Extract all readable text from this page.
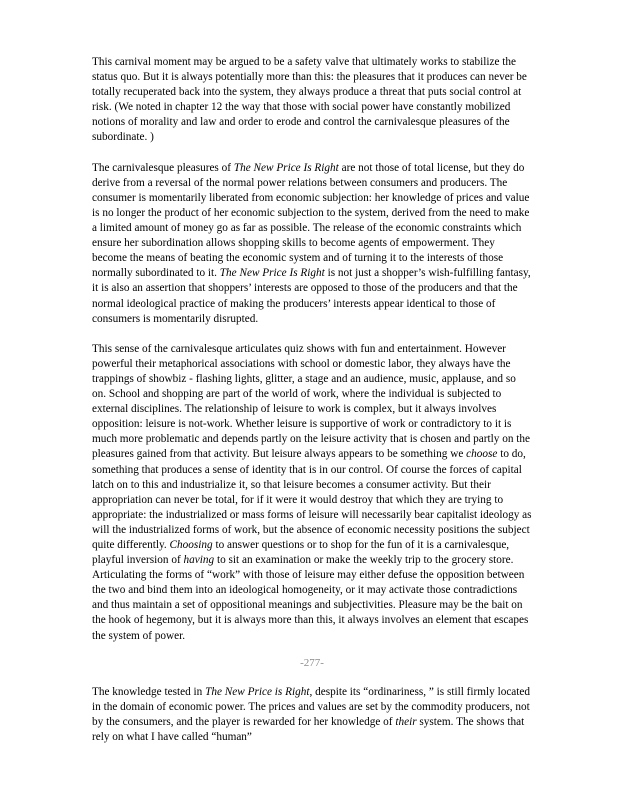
This carnival moment may be argued to be a safety valve that ultimately works to stabilize the status quo. But it is always potentially more than this: the pleasures that it produces can never be totally recuperated back into the system, they always produce a threat that puts social control at risk. (We noted in chapter 12 the way that those with social power have constantly mobilized notions of morality and law and order to erode and control the carnivalesque pleasures of the subordinate. )

The carnivalesque pleasures of The New Price Is Right are not those of total license, but they do derive from a reversal of the normal power relations between consumers and producers. The consumer is momentarily liberated from economic subjection: her knowledge of prices and value is no longer the product of her economic subjection to the system, derived from the need to make a limited amount of money go as far as possible. The release of the economic constraints which ensure her subordination allows shopping skills to become agents of empowerment. They become the means of beating the economic system and of turning it to the interests of those normally subordinated to it. The New Price Is Right is not just a shopper’s wish-fulfilling fantasy, it is also an assertion that shoppers’ interests are opposed to those of the producers and that the normal ideological practice of making the producers’ interests appear identical to those of consumers is momentarily disrupted.

This sense of the carnivalesque articulates quiz shows with fun and entertainment. However powerful their metaphorical associations with school or domestic labor, they always have the trappings of showbiz - flashing lights, glitter, a stage and an audience, music, applause, and so on. School and shopping are part of the world of work, where the individual is subjected to external disciplines. The relationship of leisure to work is complex, but it always involves opposition: leisure is not-work. Whether leisure is supportive of work or contradictory to it is much more problematic and depends partly on the leisure activity that is chosen and partly on the pleasures gained from that activity. But leisure always appears to be something we choose to do, something that produces a sense of identity that is in our control. Of course the forces of capital latch on to this and industrialize it, so that leisure becomes a consumer activity. But their appropriation can never be total, for if it were it would destroy that which they are trying to appropriate: the industrialized or mass forms of leisure will necessarily bear capitalist ideology as will the industrialized forms of work, but the absence of economic necessity positions the subject quite differently. Choosing to answer questions or to shop for the fun of it is a carnivalesque, playful inversion of having to sit an examination or make the weekly trip to the grocery store. Articulating the forms of “work” with those of leisure may either defuse the opposition between the two and bind them into an ideological homogeneity, or it may activate those contradictions and thus maintain a set of oppositional meanings and subjectivities. Pleasure may be the bait on the hook of hegemony, but it is always more than this, it always involves an element that escapes the system of power.

-277-

The knowledge tested in The New Price is Right, despite its “ordinariness, ” is still firmly located in the domain of economic power. The prices and values are set by the commodity producers, not by the consumers, and the player is rewarded for her knowledge of their system. The shows that rely on what I have called “human”
